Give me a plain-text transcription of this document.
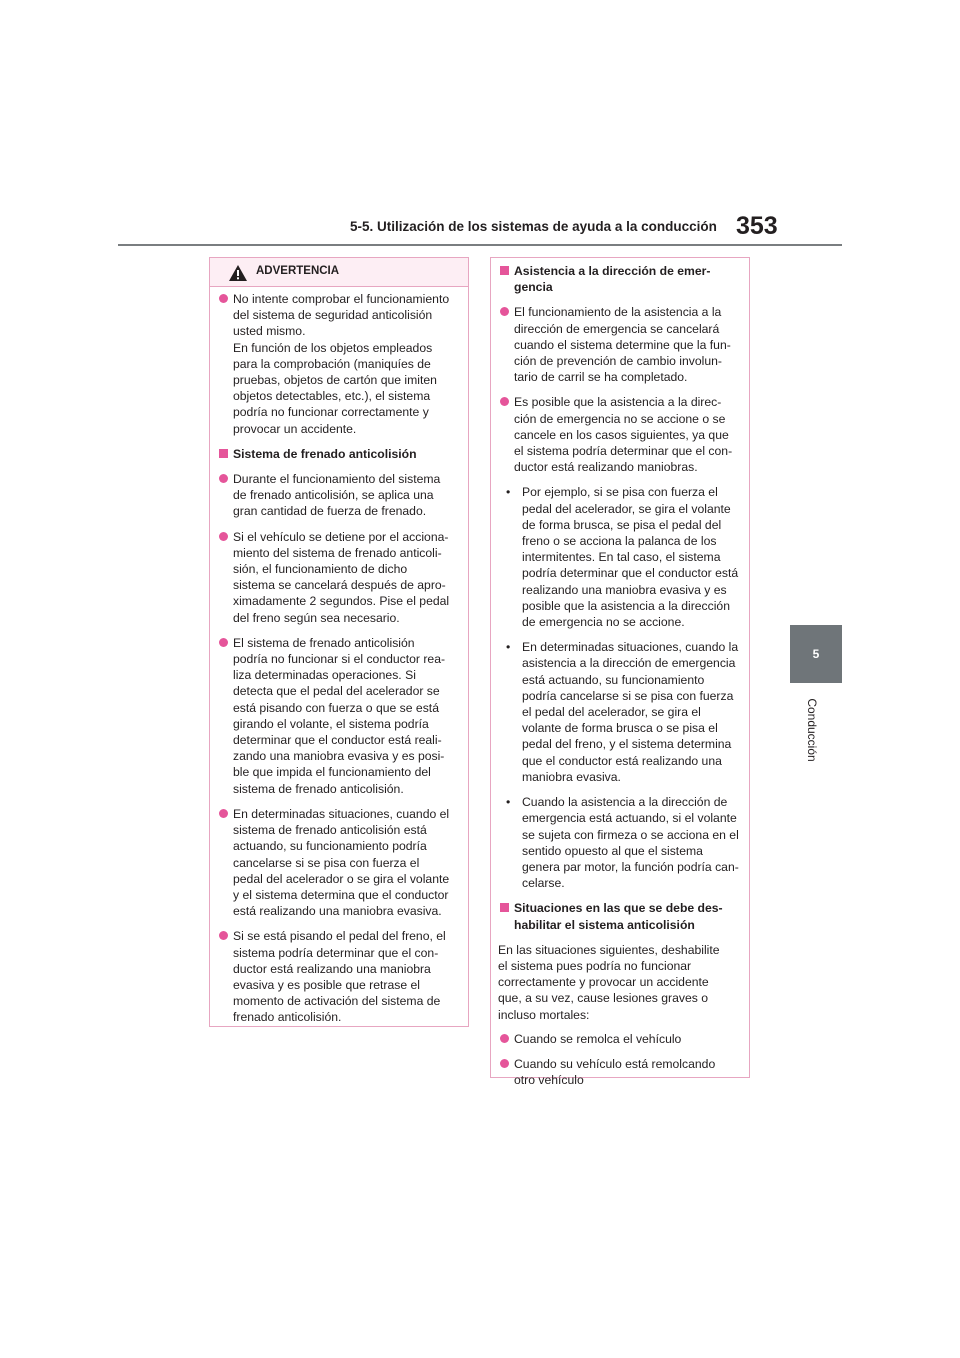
5-5. Utilización de los sistemas de ayuda a la conducción 353
5
Conducción
ADVERTENCIA
No intente comprobar el funcionamiento
del sistema de seguridad anticolisión
usted mismo.
En función de los objetos empleados
para la comprobación (maniquíes de
pruebas, objetos de cartón que imiten
objetos detectables, etc.), el sistema
podría no funcionar correctamente y
provocar un accidente.
Sistema de frenado anticolisión
Durante el funcionamiento del sistema
de frenado anticolisión, se aplica una
gran cantidad de fuerza de frenado.
Si el vehículo se detiene por el acciona-
miento del sistema de frenado anticoli-
sión, el funcionamiento de dicho
sistema se cancelará después de apro-
ximadamente 2 segundos. Pise el pedal
del freno según sea necesario.
El sistema de frenado anticolisión
podría no funcionar si el conductor rea-
liza determinadas operaciones. Si
detecta que el pedal del acelerador se
está pisando con fuerza o que se está
girando el volante, el sistema podría
determinar que el conductor está reali-
zando una maniobra evasiva y es posi-
ble que impida el funcionamiento del
sistema de frenado anticolisión.
En determinadas situaciones, cuando el
sistema de frenado anticolisión está
actuando, su funcionamiento podría
cancelarse si se pisa con fuerza el
pedal del acelerador o se gira el volante
y el sistema determina que el conductor
está realizando una maniobra evasiva.
Si se está pisando el pedal del freno, el
sistema podría determinar que el con-
ductor está realizando una maniobra
evasiva y es posible que retrase el
momento de activación del sistema de
frenado anticolisión.
Asistencia a la dirección de emer-
gencia
El funcionamiento de la asistencia a la
dirección de emergencia se cancelará
cuando el sistema determine que la fun-
ción de prevención de cambio involun-
tario de carril se ha completado.
Es posible que la asistencia a la direc-
ción de emergencia no se accione o se
cancele en los casos siguientes, ya que
el sistema podría determinar que el con-
ductor está realizando maniobras.
• Por ejemplo, si se pisa con fuerza el
pedal del acelerador, se gira el volante
de forma brusca, se pisa el pedal del
freno o se acciona la palanca de los
intermitentes. En tal caso, el sistema
podría determinar que el conductor está
realizando una maniobra evasiva y es
posible que la asistencia a la dirección
de emergencia no se accione.
• En determinadas situaciones, cuando la
asistencia a la dirección de emergencia
está actuando, su funcionamiento
podría cancelarse si se pisa con fuerza
el pedal del acelerador, se gira el
volante de forma brusca o se pisa el
pedal del freno, y el sistema determina
que el conductor está realizando una
maniobra evasiva.
• Cuando la asistencia a la dirección de
emergencia está actuando, si el volante
se sujeta con firmeza o se acciona en el
sentido opuesto al que el sistema
genera par motor, la función podría can-
celarse.
Situaciones en las que se debe des-
habilitar el sistema anticolisión
En las situaciones siguientes, deshabilite
el sistema pues podría no funcionar
correctamente y provocar un accidente
que, a su vez, cause lesiones graves o
incluso mortales:
Cuando se remolca el vehículo
Cuando su vehículo está remolcando
otro vehículo
